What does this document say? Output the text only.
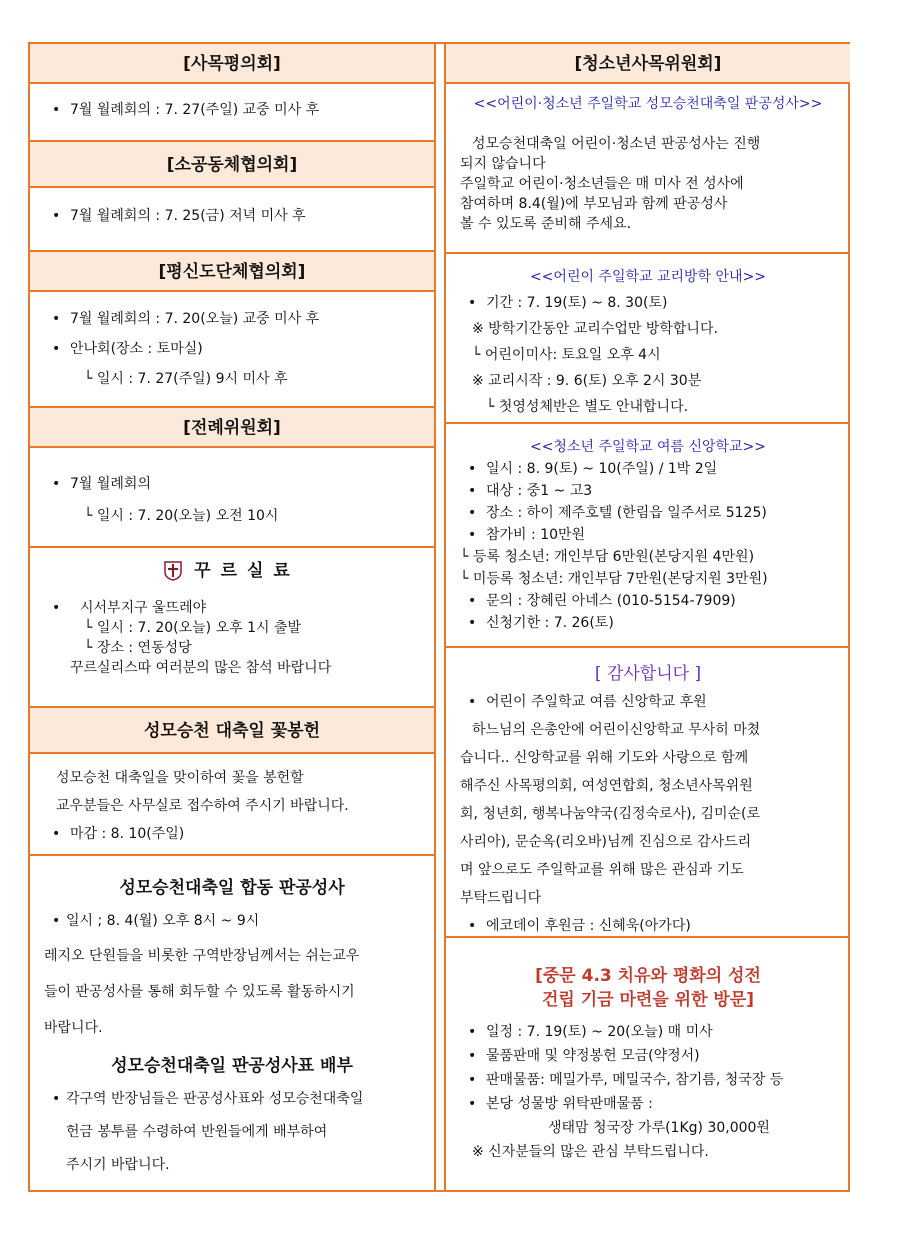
[사목평의회]
• 7월 월례회의 : 7. 27(주일) 교중 미사 후
[소공동체협의회]
• 7월 월례회의 : 7. 25(금) 저녁 미사 후
[평신도단체협의회]
• 7월 월례회의 : 7. 20(오늘) 교중 미사 후
• 안나회(장소 : 토마실)
└ 일시 : 7. 27(주일) 9시 미사 후
[전례위원회]
• 7월 월례회의
└ 일시 : 7. 20(오늘) 오전 10시
꾸르실료
• 시서부지구 울뜨레야
└ 일시 : 7. 20(오늘) 오후 1시 출발
└ 장소 : 연동성당
꾸르실리스따 여러분의 많은 참석 바랍니다
성모승천 대축일 꽃봉헌
성모승천 대축일을 맞이하여 꽃을 봉헌할
교우분들은 사무실로 접수하여 주시기 바랍니다.
• 마감 : 8. 10(주일)
성모승천대축일 합동 판공성사
• 일시 ; 8. 4(월) 오후 8시 ~ 9시
레지오 단원들을 비롯한 구역반장님께서는 쉬는교우
들이 판공성사를 통해 회두할 수 있도록 활동하시기
바랍니다.
성모승천대축일 판공성사표 배부
• 각구역 반장님들은 판공성사표와 성모승천대축일
헌금 봉투를 수령하여 반원들에게 배부하여
주시기 바랍니다.
[청소년사목위원회]
<<어린이·청소년 주일학교 성모승천대축일 판공성사>>
성모승천대축일 어린이·청소년 판공성사는 진행
되지 않습니다
주일학교 어린이·청소년들은 매 미사 전 성사에
참여하며 8.4(월)에 부모님과 함께 판공성사
볼 수 있도록 준비해 주세요.
<<어린이 주일학교 교리방학 안내>>
• 기간 : 7. 19(토) ~ 8. 30(토)
※ 방학기간동안 교리수업만 방학합니다.
└ 어린이미사: 토요일 오후 4시
※ 교리시작 : 9. 6(토) 오후 2시 30분
└ 첫영성체반은 별도 안내합니다.
<<청소년 주일학교 여름 신앙학교>>
• 일시 : 8. 9(토) ~ 10(주일) / 1박 2일
• 대상 : 중1 ~ 고3
• 장소 : 하이 제주호텔 (한림읍 일주서로 5125)
• 참가비 : 10만원
└ 등록 청소년: 개인부담 6만원(본당지원 4만원)
└ 미등록 청소년: 개인부담 7만원(본당지원 3만원)
• 문의 : 장혜린 아네스 (010-5154-7909)
• 신청기한 : 7. 26(토)
[ 감사합니다 ]
• 어린이 주일학교 여름 신앙학교 후원
하느님의 은총안에 어린이신앙학교 무사히 마쳤
습니다.. 신앙학교를 위해 기도와 사랑으로 함께
해주신 사목평의회, 여성연합회, 청소년사목위원
회, 청년회, 행복나눔약국(김정숙로사), 김미순(로
사리아), 문순옥(리오바)님께 진심으로 감사드리
며 앞으로도 주일학교를 위해 많은 관심과 기도
부탁드립니다
• 에코데이 후원금 : 신혜욱(아가다)
[중문 4.3 치유와 평화의 성전
건립 기금 마련을 위한 방문]
• 일정 : 7. 19(토) ~ 20(오늘) 매 미사
• 물품판매 및 약정봉헌 모금(약정서)
• 판매물품: 메밀가루, 메밀국수, 참기름, 청국장 등
• 본당 성물방 위탁판매물품 :
생태맘 청국장 가루(1Kg) 30,000원
※ 신자분들의 많은 관심 부탁드립니다.
